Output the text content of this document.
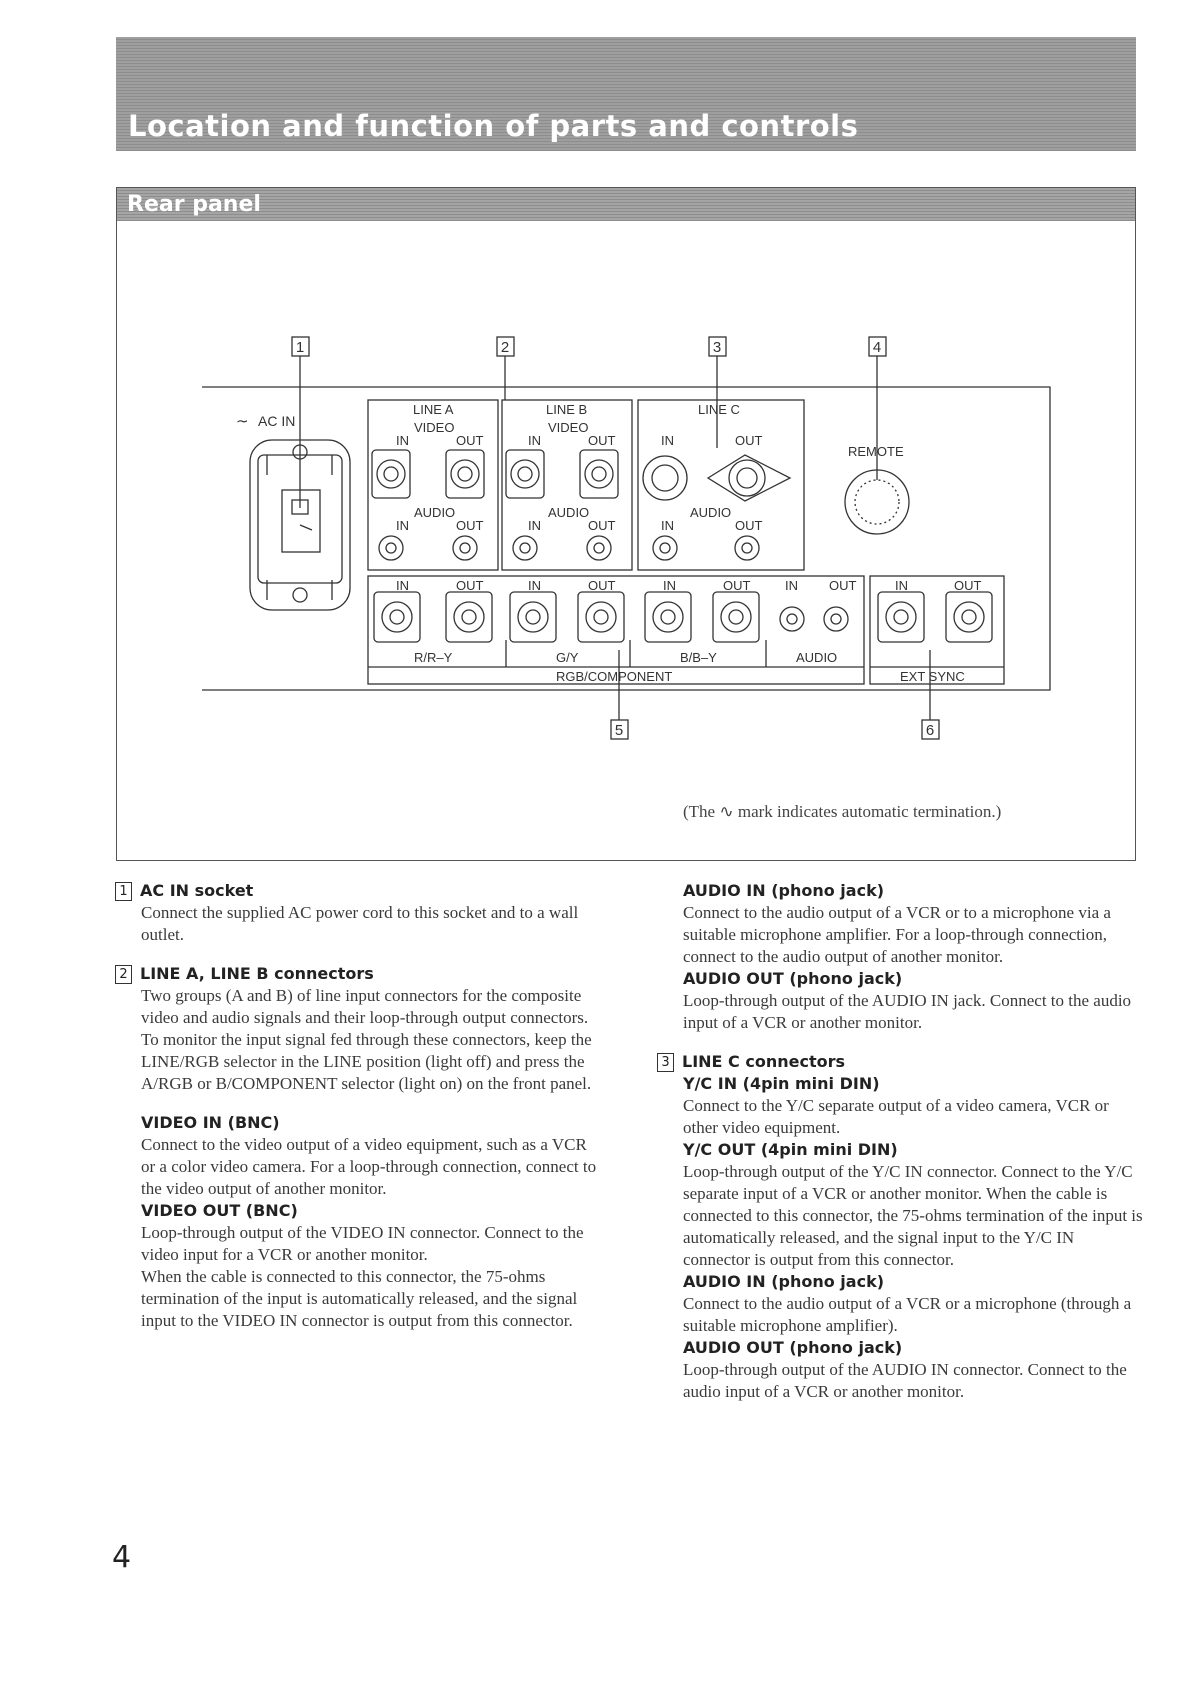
Location and function of parts and controls
Rear panel
1	2	3	4
5	6
AC IN
∼
LINE A	LINE B	LINE C
VIDEO	VIDEO
IN	OUT	IN	OUT	IN	OUT
AUDIO	AUDIO	AUDIO
IN	OUT	IN	OUT	IN	OUT
REMOTE
IN	OUT	IN	OUT	IN	OUT	IN OUT	IN	OUT
R/R–Y	G/Y	B/B–Y	AUDIO
RGB/COMPONENT	EXT SYNC
(The ∿ mark indicates automatic termination.)

1 AC IN socket

Connect the supplied AC power cord to this socket and to a wall outlet.

2 LINE A, LINE B connectors

Two groups (A and B) of line input connectors for the composite video and audio signals and their loop-through output connectors.

To monitor the input signal fed through these connectors, keep the LINE/RGB selector in the LINE position (light off) and press the A/RGB or B/COMPONENT selector (light on) on the front panel.

VIDEO IN (BNC)

Connect to the video output of a video equipment, such as a VCR or a color video camera. For a loop-through connection, connect to the video output of another monitor.

VIDEO OUT (BNC)

Loop-through output of the VIDEO IN connector. Connect to the video input for a VCR or another monitor.

When the cable is connected to this connector, the 75-ohms termination of the input is automatically released, and the signal input to the VIDEO IN connector is output from this connector.

AUDIO IN (phono jack)

Connect to the audio output of a VCR or to a microphone via a suitable microphone amplifier. For a loop-through connection, connect to the audio output of another monitor.

AUDIO OUT (phono jack)

Loop-through output of the AUDIO IN jack. Connect to the audio input of a VCR or another monitor.

3 LINE C connectors

Y/C IN (4pin mini DIN)

Connect to the Y/C separate output of a video camera, VCR or other video equipment.

Y/C OUT (4pin mini DIN)

Loop-through output of the Y/C IN connector. Connect to the Y/C separate input of a VCR or another monitor. When the cable is connected to this connector, the 75-ohms termination of the input is automatically released, and the signal input to the Y/C IN connector is output from this connector.

AUDIO IN (phono jack)

Connect to the audio output of a VCR or a microphone (through a suitable microphone amplifier).

AUDIO OUT (phono jack)

Loop-through output of the AUDIO IN connector. Connect to the audio input of a VCR or another monitor.

4
